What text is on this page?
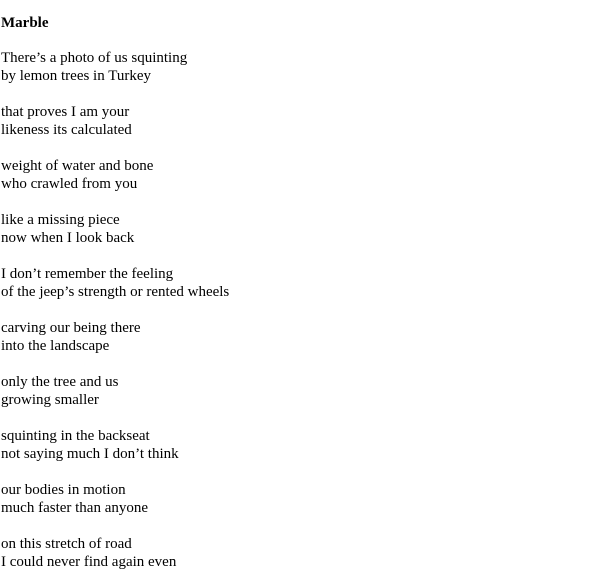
Marble
There’s a photo of us squinting
by lemon trees in Turkey
that proves I am your
likeness its calculated
weight of water and bone
who crawled from you
like a missing piece
now when I look back
I don’t remember the feeling
of the jeep’s strength or rented wheels
carving our being there
into the landscape
only the tree and us
growing smaller
squinting in the backseat
not saying much I don’t think
our bodies in motion
much faster than anyone
on this stretch of road
I could never find again even
